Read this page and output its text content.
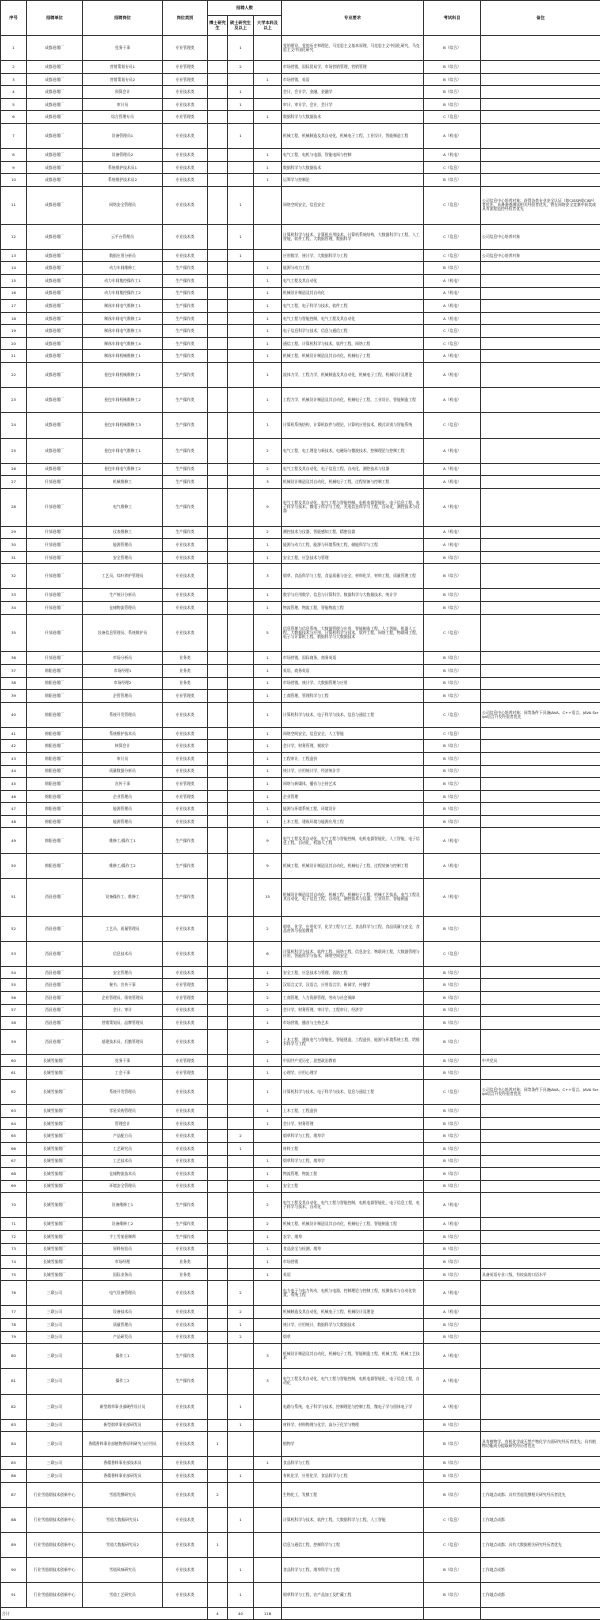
序号	招聘单位	招聘岗位	岗位类别	招聘人数			专业要求	考试科目	备注
				博士研究生	硕士研究生及以上	大学本科及以上			
1	成都卷烟厂	党务干事	专业管理类		1		党的建设，党的历史和理论，马克思主义基本原理，马克思主义中国化研究，马克思主义中国化研究	B（综合）	
2	成都卷烟厂	营销策划专员1	专业管理类		2		市场营销，国际贸易学，市场营销管理，营销管理	B（综合）	
3	成都卷烟厂	营销策划专员2	专业管理类			1	市场营销，英语	B（综合）	
4	成都卷烟厂	预算会计	专业技术类		1		会计，会计学，金融，金融学	B（综合）	
5	成都卷烟厂	审计员	专业技术类		1		审计，审计学，会计，会计学	B（综合）	
6	成都卷烟厂	综合管理专员	专业管理类			1	数据科学与大数据技术	C（信息）	
7	成都卷烟厂	设备管理员1	专业技术类		1		机械工程，机械制造及其自动化，机械电子工程，工业设计，智能制造工程	A（机电）	
8	成都卷烟厂	设备管理员2	专业技术类			1	电气工程，电机与电器，智能电网与控制	A（机电）	
9	成都卷烟厂	系统维护技术员1	专业技术类			1	数据科学与大数据技术	C（信息）	
10	成都卷烟厂	系统维护技术员2	专业技术类			1	运筹学与控制论	B（综合）	
11	成都卷烟厂	网络安全管理员	专业技术类		1		网络空间安全，信息安全	C（信息）	公司信息中心培养对象；获得各类专业安全认证（如CISSP或CISP）者优先，具备渗透测试相关经验者优先，曾在网络安全竞赛中获奖或具有流程监控经验者优先
12	成都卷烟厂	云平台管理员	专业技术类		1		计算机科学与技术，计算机应用技术，计算机系统结构，大数据科学与工程，人工智能，软件工程，大数据管理，数据科学	C（信息）	公司信息中心培养对象
13	成都卷烟厂	数据应用分析员	专业技术类		1		应用数学，统计学，大数据科学与工程	C（信息）	公司信息中心培养对象
14	成都卷烟厂	动力车间维修工	生产操作类			1	能源与动力工程	B（综合）	
15	成都卷烟厂	动力车间集控操作工1	生产操作类			1	电气工程及其自动化	A（机电）	
16	成都卷烟厂	动力车间集控操作工2	生产操作类			1	机械设计制造及其自动化	A（机电）	
17	成都卷烟厂	制丝车间电气维修工1	生产操作类			1	电气工程，电子科学与技术，软件工程	A（机电）	
18	成都卷烟厂	制丝车间电气维修工2	生产操作类			1	电气工程与智能控制，电气工程及其自动化	A（机电）	
19	成都卷烟厂	制丝车间电气维修工3	生产操作类			1	电子信息科学与技术，信息与通信工程	C（信息）	
20	成都卷烟厂	制丝车间电气维修工4	生产操作类			1	通信工程，计算机科学与技术，软件工程，网络工程	C（信息）	
21	成都卷烟厂	制丝车间机械维修工1	生产操作类			1	机械工程，机械设计制造及其自动化，机械电子工程	A（机电）	
22	成都卷烟厂	卷包车间机械维修工1	生产操作类			1	流体力学，工程力学，机械制造及其自动化，机械电子工程，机械设计及理论	A（机电）	
23	成都卷烟厂	卷包车间机械维修工2	生产操作类			1	工程力学，机械设计制造及其自动化，机械电子工程，工业设计，智能制造工程	A（机电）	
24	成都卷烟厂	卷包车间机械维修工3	生产操作类			1	计算机系统结构，计算机软件与理论，计算机应用技术，模式识别与智能系统	C（信息）	
25	成都卷烟厂	卷包车间电气维修工1	生产操作类			2	电气工程，电工理论与新技术，电磁场与微波技术，控制理论与控制工程	A（机电）	
26	成都卷烟厂	卷包车间电气维修工2	生产操作类			2	电气工程及其自动化，电子信息工程，自动化，测控技术与仪器	A（机电）	
27	什邡卷烟厂	机械维修工	生产操作类			3	机械设计制造及其自动化，机械电子工程，过程装备与控制工程	A（机电）	
28	什邡卷烟厂	电气维修工	生产操作类			9	电气工程及其自动化，电气工程与智能控制，电机电器智能化，电子信息工程，电子科学与技术，微电子科学与工程，光电信息科学与工程，自动化，测控技术与仪器	A（机电）	
29	什邡卷烟厂	仪表维修工	生产操作类			2	测控技术与仪器，智能感知工程，精密仪器	A（机电）	
30	什邡卷烟厂	能源管理员	专业技术类			1	能源与动力工程，能源与环境系统工程，储能科学与工程	A（机电）	
31	什邡卷烟厂	安全管理员	专业技术类			1	安全工程，应急技术与管理	B（综合）	
32	什邡卷烟厂	工艺员、综叶养护管理员	专业技术类			3	烟草，食品科学与工程，食品质量与安全，材料化学，材料工程，质量管理工程	B（综合）	
33	什邡卷烟厂	生产统计分析员	专业技术类			1	数学与应用数学，信息与计算科学，数据科学与大数据技术，统计学	B（综合）	
34	什邡卷烟厂	仓储物流管理员	专业技术类			1	物流管理，物流工程，智能物流工程	B（综合）	
35	什邡卷烟厂	设备信息管理员、系统维护员	专业技术类			5	信息管理与信息系统，大数据管理与应用，智能制造工程，人工智能，机器人工程，大数据技术与应用，计算机科学与技术，软件工程，网络工程，物联网工程，电子与计算机工程，数据科学与大数据技术	C（信息）	
36	什邡卷烟厂	市场分析员	业务类			1	市场营销，国际商务，商务英语	B（综合）	
37	绵阳卷烟厂	市场经理1	业务类			1	英语，商务英语	B（综合）	
38	绵阳卷烟厂	市场经理2	业务类			1	市场营销，统计学，大数据管理与应用	B（综合）	
39	绵阳卷烟厂	企管管理员	专业管理类			1	工商管理，管理科学与工程	B（综合）	
40	绵阳卷烟厂	系统开发管理员	专业技术类			1	计算机科学与技术，电子科学与技术，信息与通信工程	C（信息）	公司信息中心培养对象；同等条件下具备JAVA、C++语言、JAVA Script语言开发经验者优先
41	绵阳卷烟厂	系统维护技术员	专业技术类			1	网络空间安全，信息安全，人工智能	C（信息）	
42	绵阳卷烟厂	核算会计	专业技术类			1	会计学，财务管理，税收学	B（综合）	
43	绵阳卷烟厂	审计员	专业技术类			1	工程审计，工程造价	B（综合）	
44	绵阳卷烟厂	质量数据分析员	专业技术类			1	统计学，应用统计学，经济统计学	B（综合）	
45	绵阳卷烟厂	宣传干事	专业管理类			1	网络与新媒体，播音与主持艺术	B（综合）	
46	绵阳卷烟厂	企业管理员	专业管理类			1	企业管理	B（综合）	
47	绵阳卷烟厂	能源管理员	专业技术类			1	能源与环境系统工程，环境设计	B（综合）	
48	绵阳卷烟厂	能源管理员	专业技术类			1	土木工程，建筑环境与能源应用工程	B（综合）	
49	绵阳卷烟厂	维修工/操作工1	生产操作类			9	电气工程及其自动化，电气工程与智能控制，电机电器智能化，人工智能，电子信息工程，自动化，机器人工程	A（机电）	
50	绵阳卷烟厂	维修工/操作工2	生产操作类			9	机械工程，机械设计制造及其自动化，机械电子工程，过程装备与控制工程	A（机电）	
51	西昌卷烟厂	设备操作工、维修工	生产操作类			15	机械设计制造及其自动化，机械工程，机械电子工程，机械工艺技术，电气工程及其自动化，电子信息工程，自动化，测控技术与仪器，工业设计，智能制造	A（机电）	
52	西昌卷烟厂	工艺员、质量管理员	专业技术类			2	烟草，化学，应用化学，化学工程与工艺，食品科学与工程，食品质量与安全，食品营养与检验教育	B（综合）	
53	西昌卷烟厂	信息技术员	专业技术类			6	计算机科学与技术，软件工程，网络工程，信息安全，物联网工程，大数据管理与应用，智能科学与技术，网络空间安全	C（信息）	
54	西昌卷烟厂	安全管理员	专业技术类			1	安全工程，应急技术与管理，消防工程	B（综合）	
55	西昌卷烟厂	秘书、宣传干事	专业管理类			2	汉语言文学，汉语言，应用语言学，新闻学，传播学	B（综合）	
56	西昌卷烟厂	企业管理员、绩效管理员	专业管理类			2	工商管理，人力资源管理，劳动与社会保障	B（综合）	
57	西昌卷烟厂	会计、审计	专业技术类			2	会计学，财务管理，审计学，工程审计，经济学	B（综合）	
58	西昌卷烟厂	营销策划员、品牌管理员	专业技术类			1	市场营销，播音与主持艺术	B（综合）	
59	西昌卷烟厂	基建技术员、后勤管理员	专业技术类			2	土木工程，建筑电气与智能化，智能建造，工程造价，能源与环境系统工程，给排水科学与工程	B（综合）	
60	长城雪茄烟厂	党务干事	专业管理类			1	中国共产党历史，思想政治教育	B（综合）	中共党员
61	长城雪茄烟厂	工会干事	专业管理类			1	心理学，应用心理学	B（综合）	
62	长城雪茄烟厂	系统开发管理员	专业技术类			1	计算机科学与技术，电子科学与技术，信息与通信工程	C（信息）	公司信息中心培养对象；同等条件下具备JAVA、C++语言、JAVA Script语言开发经验者优先
63	长城雪茄烟厂	零星采购管理员	专业技术类			1	土木工程，工程造价	B（综合）	
64	长城雪茄烟厂	管理会计	专业技术类			1	会计学，财务管理	B（综合）	
65	长城雪茄烟厂	产品配方员	专业技术类		2		烟草科学与工程，烟草学	B（综合）	
66	长城雪茄烟厂	工艺研究员	专业技术类		1		材料工程	B（综合）	
67	长城雪茄烟厂	工艺技术员	专业技术类			1	烟草科学与工程，烟草学	B（综合）	
68	长城雪茄烟厂	仓储物流技术员	专业技术类			1	物流管理，物流工程	B（综合）	
69	长城雪茄烟厂	环境安全管理员	专业技术类			1	安全工程	B（综合）	
70	长城雪茄烟厂	设备维修工1	生产操作类			2	电气工程及其自动化，电气工程与智能控制，电机电器智能化，电子信息工程，电子科学与技术，自动化	A（机电）	
71	长城雪茄烟厂	设备维修工2	生产操作类			2	机械工程，机械设计制造及其自动化，机械电子工程，智能制造工程	A（机电）	
72	长城雪茄烟厂	手工雪茄卷制师	生产操作类			1	农学，烟草	B（综合）	
73	长城雪茄烟厂	原料检验员	专业技术类			1	食品安全与检测，烟草	B（综合）	
74	长城雪茄烟厂	市场经理	业务类			1	市场营销	B（综合）	
75	长城雪茄烟厂	国际业务员	业务类			1	英语	B（综合）	具备英语专业八级，有较高的口语水平
76	三联公司	电气设备管理员	专业技术类		2		电力电子与电力传动，电机与电器，控制理论与控制工程，检测技术与自动化装置，系统工程	A（机电）	
77	三联公司	设备技术员	专业技术类		2		机械制造及其自动化，机械电子工程，机械设计及理论	A（机电）	
78	三联公司	质量管理员	专业技术类		1		统计学，应用统计，数据科学与大数据技术	B（综合）	
79	三联公司	产品研发员	专业技术类		2		烟草	B（综合）	
80	三联公司	操作工1	生产操作类			3	机械设计制造及其自动化，机械电子工程，智能制造工程，机械工程，机械工艺技术	A（机电）	
81	三联公司	操作工2	生产操作类			3	电气工程及其自动化，电气工程与智能控制，电机电器智能化，电子信息工程，自动化	A（机电）	
82	三联公司	新型烟草事业部硬件设计员	专业技术类		1		电路与系统，电子科学与技术，控制理论与控制工程，微电子学与固体电子学	A（机电）	
83	三联公司	新型烟草事业部研发员	专业技术类		1		材料学，材料物理与化学，高分子化学与物理	B（综合）	
84	三联公司	香精香料事业部植物香原料研究与应用员	专业技术类	1			植物学	B（综合）	具有植物学、有机化学或天然产物化学方面研究经历者优先；具有植物功能成分提取研究经历者优先
85	三联公司	香精香料事业部技术员	专业技术类			1	食品科学与工程	B（综合）	
86	三联公司	香精香料事业部研发员	专业技术类		1		有机化学，应用化学，食品科学与工程	B（综合）	
87	行业雪茄烟技术创新中心	雪茄发酵研究员	专业技术类	2			生物化工，发酵工程	B（综合）	工作地点成都；具有雪茄发酵相关研究经历者优先
88	行业雪茄烟技术创新中心	雪茄大数据研究员1	专业技术类		1		计算机科学与技术，软件工程，大数据科学与工程，人工智能	C（信息）	工作地点成都
89	行业雪茄烟技术创新中心	雪茄大数据研究员2	专业技术类	1			信息与通信工程，控制科学与工程	C（信息）	工作地点成都；具有大数据相关研究经历者优先
90	行业雪茄烟技术创新中心	雪茄风味研究员	专业技术类		1		食品科学与工程，烟草科学与工程	B（综合）	工作地点成都
91	行业雪茄烟技术创新中心	雪茄工艺研究员	专业技术类		1		烟草科学与工程，农产品加工及贮藏工程	B（综合）	工作地点成都
合计				4	40	116			
